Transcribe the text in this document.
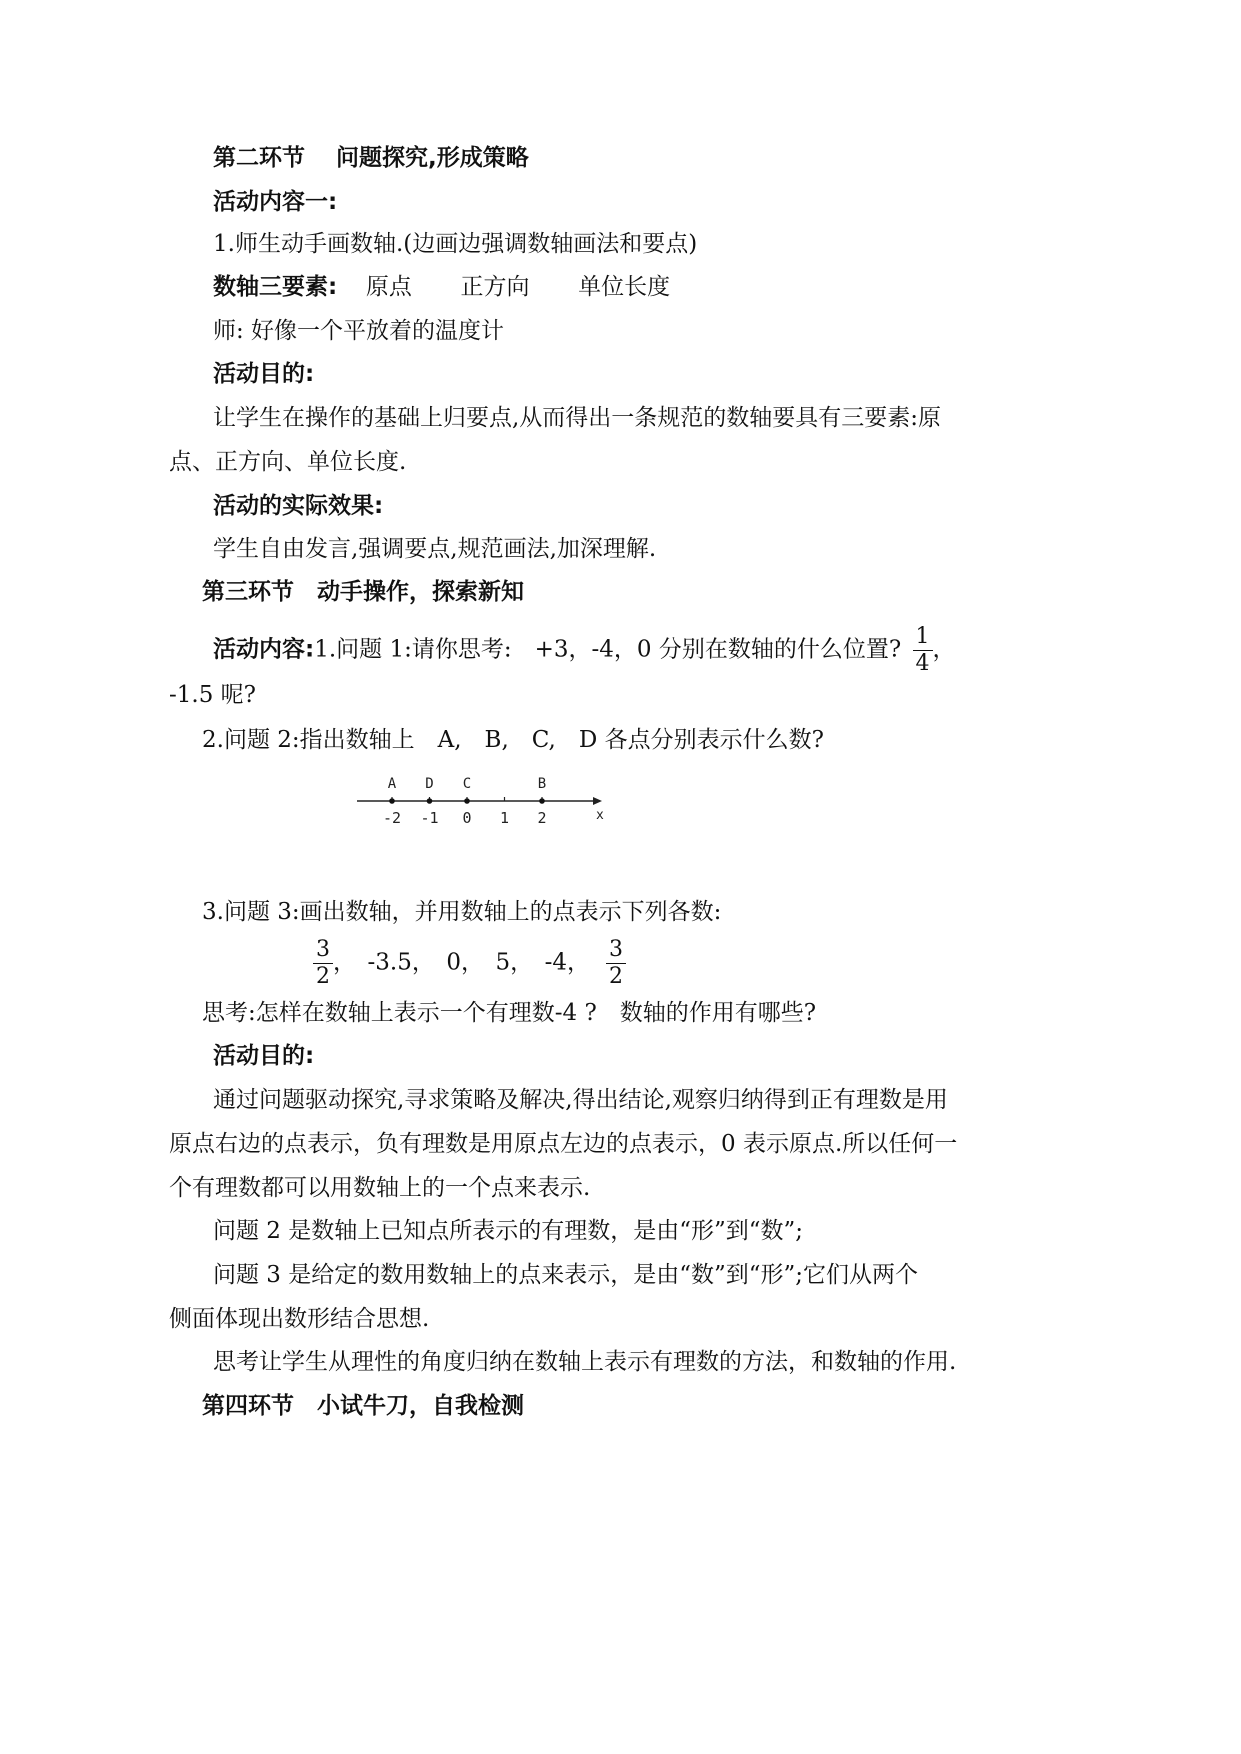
第二环节　 问题探究,形成策略
活动内容一:
1.师生动手画数轴.(边画边强调数轴画法和要点)
数轴三要素: 原点 正方向 单位长度
师: 好像一个平放着的温度计
活动目的:
让学生在操作的基础上归要点,从而得出一条规范的数轴要具有三要素:原
点、正方向、单位长度.
活动的实际效果:
学生自由发言,强调要点,规范画法,加深理解.
第三环节　动手操作，探索新知
活动内容:1.问题 1:请你思考:　+3，-4，0 分别在数轴的什么位置? $\frac{1}{4}$ ，
-1.5 呢?
2.问题 2:指出数轴上　A,　B,　C,　D 各点分别表示什么数?
-2 -1 0 1 2
A D C	B
x
3.问题 3:画出数轴，并用数轴上的点表示下列各数:
$\frac{3}{2}$ ，　-3.5，　0，　5，　-4， $\frac{3}{2}$
思考:怎样在数轴上表示一个有理数-4 ?　数轴的作用有哪些?
活动目的:
通过问题驱动探究,寻求策略及解决,得出结论,观察归纳得到正有理数是用
原点右边的点表示，负有理数是用原点左边的点表示，0 表示原点.所以任何一
个有理数都可以用数轴上的一个点来表示.
问题 2 是数轴上已知点所表示的有理数，是由“形”到“数”;
问题 3 是给定的数用数轴上的点来表示，是由“数”到“形”;它们从两个
侧面体现出数形结合思想.
思考让学生从理性的角度归纳在数轴上表示有理数的方法，和数轴的作用.
第四环节　小试牛刀，自我检测
